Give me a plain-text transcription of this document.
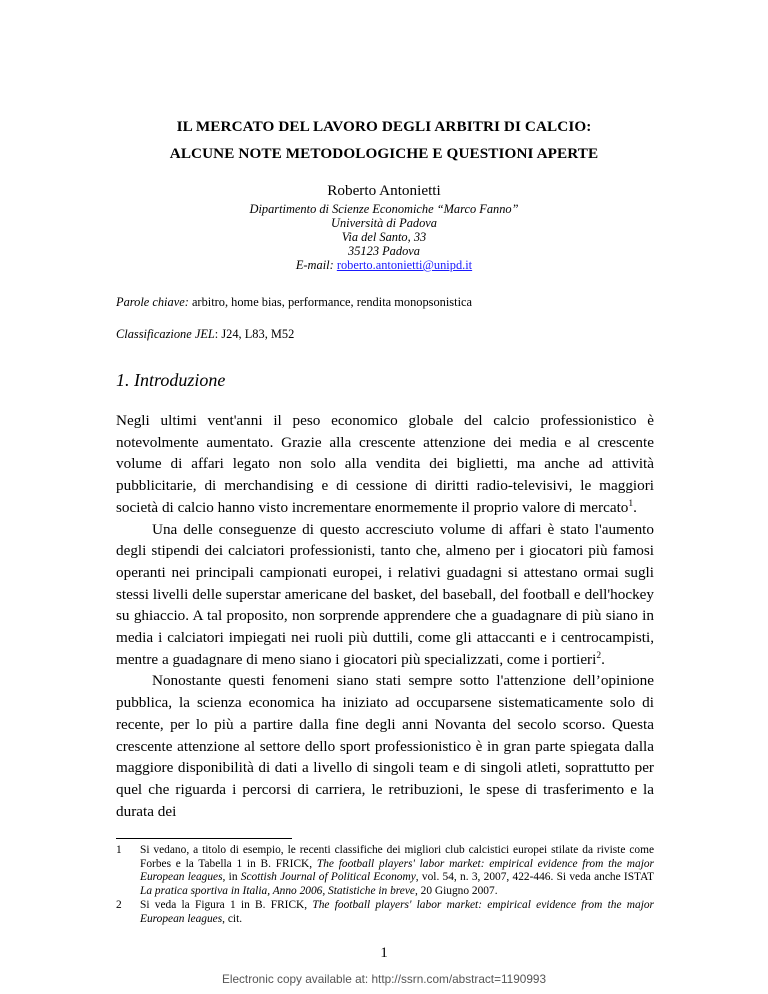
IL MERCATO DEL LAVORO DEGLI ARBITRI DI CALCIO:
ALCUNE NOTE METODOLOGICHE E QUESTIONI APERTE
Roberto Antonietti
Dipartimento di Scienze Economiche “Marco Fanno”
Università di Padova
Via del Santo, 33
35123 Padova
E-mail: roberto.antonietti@unipd.it
Parole chiave: arbitro, home bias, performance, rendita monopsonistica
Classificazione JEL: J24, L83, M52
1. Introduzione

Negli ultimi vent'anni il peso economico globale del calcio professionistico è notevolmente aumentato. Grazie alla crescente attenzione dei media e al crescente volume di affari legato non solo alla vendita dei biglietti, ma anche ad attività pubblicitarie, di merchandising e di cessione di diritti radio-televisivi, le maggiori società di calcio hanno visto incrementare enormemente il proprio valore di mercato$^1$.

Una delle conseguenze di questo accresciuto volume di affari è stato l'aumento degli stipendi dei calciatori professionisti, tanto che, almeno per i giocatori più famosi operanti nei principali campionati europei, i relativi guadagni si attestano ormai sugli stessi livelli delle superstar americane del basket, del baseball, del football e dell'hockey su ghiaccio. A tal proposito, non sorprende apprendere che a guadagnare di più siano in media i calciatori impiegati nei ruoli più duttili, come gli attaccanti e i centrocampisti, mentre a guadagnare di meno siano i giocatori più specializzati, come i portieri$^2$.

Nonostante questi fenomeni siano stati sempre sotto l'attenzione dell’opinione pubblica, la scienza economica ha iniziato ad occuparsene sistematicamente solo di recente, per lo più a partire dalla fine degli anni Novanta del secolo scorso. Questa crescente attenzione al settore dello sport professionistico è in gran parte spiegata dalla maggiore disponibilità di dati a livello di singoli team e di singoli atleti, soprattutto per quel che riguarda i percorsi di carriera, le retribuzioni, le spese di trasferimento e la durata dei

1 Si vedano, a titolo di esempio, le recenti classifiche dei migliori club calcistici europei stilate da riviste come Forbes e la Tabella 1 in B. FRICK, The football players' labor market: empirical evidence from the major European leagues, in Scottish Journal of Political Economy, vol. 54, n. 3, 2007, 422-446. Si veda anche ISTAT La pratica sportiva in Italia, Anno 2006, Statistiche in breve, 20 Giugno 2007.
2 Si veda la Figura 1 in B. FRICK, The football players' labor market: empirical evidence from the major European leagues, cit.
1
Electronic copy available at: http://ssrn.com/abstract=1190993
